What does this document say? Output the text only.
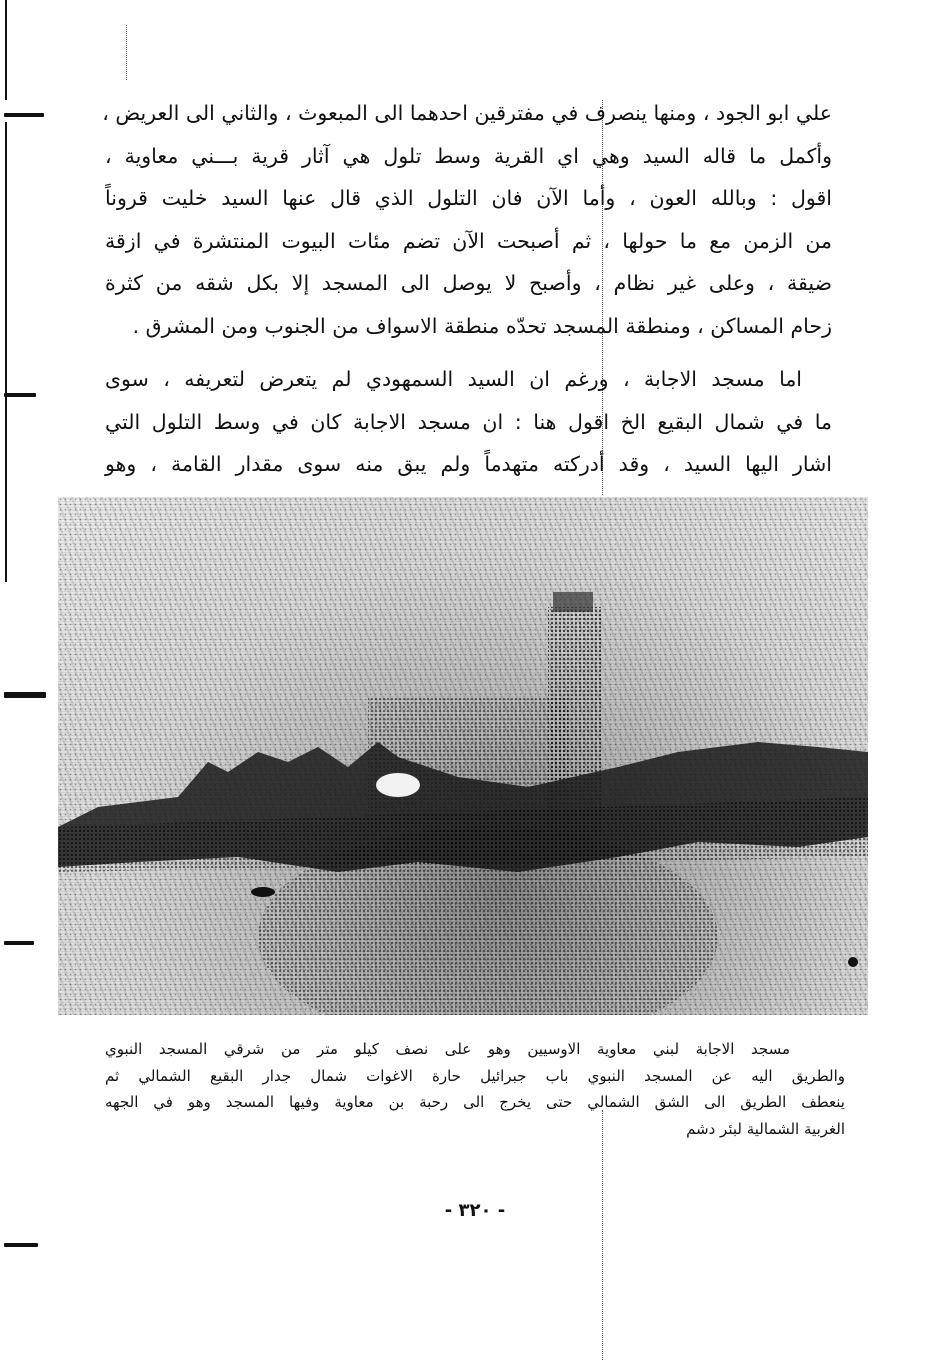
علي ابو الجود ، ومنها ينصرف في مفترقين احدهما الى المبعوث ، والثاني الى العريض ،
وأكمل ما قاله السيد وهي اي القرية وسط تلول هي آثار قرية بـــني معاوية ،
اقول : وبالله العون ، وأما الآن فان التلول الذي قال عنها السيد خليت قروناً
من الزمن مع ما حولها ، ثم أصبحت الآن تضم مئات البيوت المنتشرة في ازقة
ضيقة ، وعلى غير نظام ، وأصبح لا يوصل الى المسجد إلا بكل شقه من كثرة
زحام المساكن ، ومنطقة المسجد تحدّه منطقة الاسواف من الجنوب ومن المشرق .
اما مسجد الاجابة ، ورغم ان السيد السمهودي لم يتعرض لتعريفه ، سوى
ما في شمال البقيع الخ اقول هنا : ان مسجد الاجابة كان في وسط التلول التي
اشار اليها السيد ، وقد أدركته متهدماً ولم يبق منه سوى مقدار القامة ، وهو
مسجد الاجابة لبني معاوية الاوسيين وهو على نصف كيلو متر من شرقي المسجد النبوي
والطريق اليه عن المسجد النبوي باب جبرائيل حارة الاغوات شمال جدار البقيع الشمالي ثم
ينعطف الطريق الى الشق الشمالي حتى يخرج الى رحبة بن معاوية وفيها المسجد وهو في الجهه
الغربية الشمالية لبئر دشم
- ٣٢٠ -
